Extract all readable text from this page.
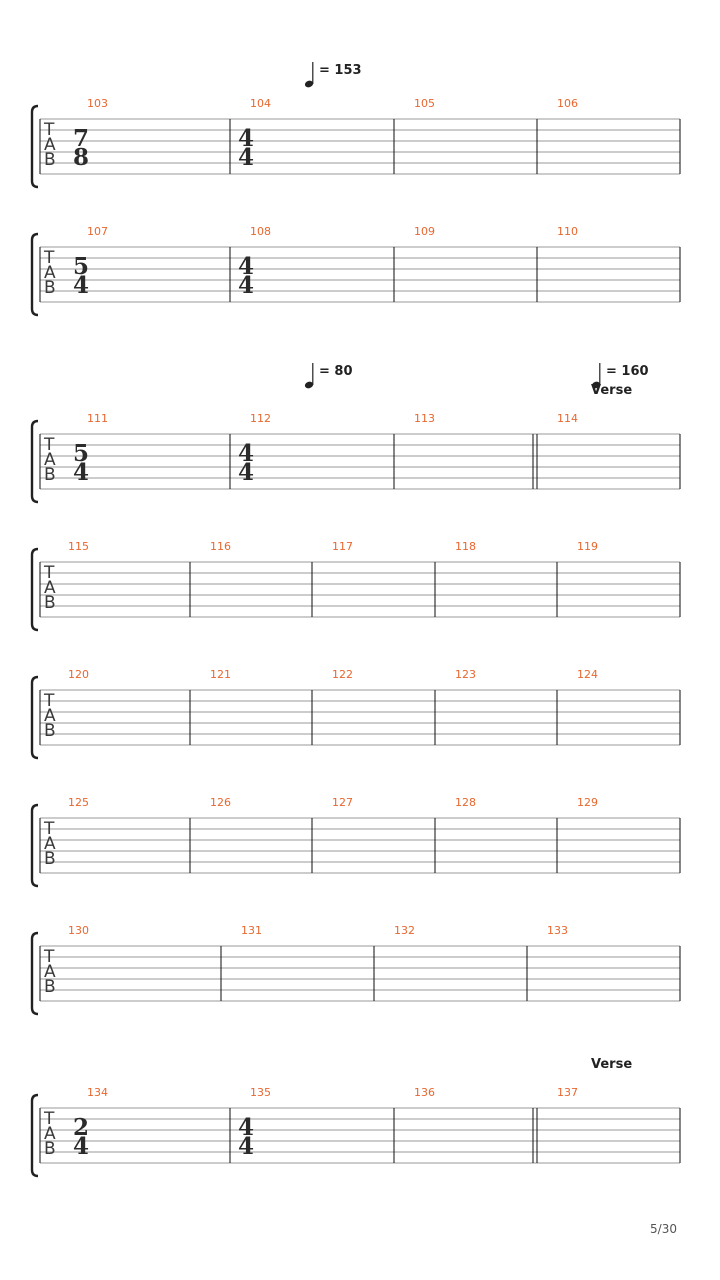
T
A
B
103	104	105	106
7
8
4
4
= 153
T
A
B
107	108	109	110
5
4
4
4
T
A
B
111	112	113	114
5
4
4
4
= 80	= 160
Verse
T
A
B
115	116	117	118	119
T
A
B
120	121	122	123	124
T
A
B
125	126	127	128	129
T
A
B
130	131	132	133
T
A
B
134	135	136	137
2
4
4
4
Verse
5/30
